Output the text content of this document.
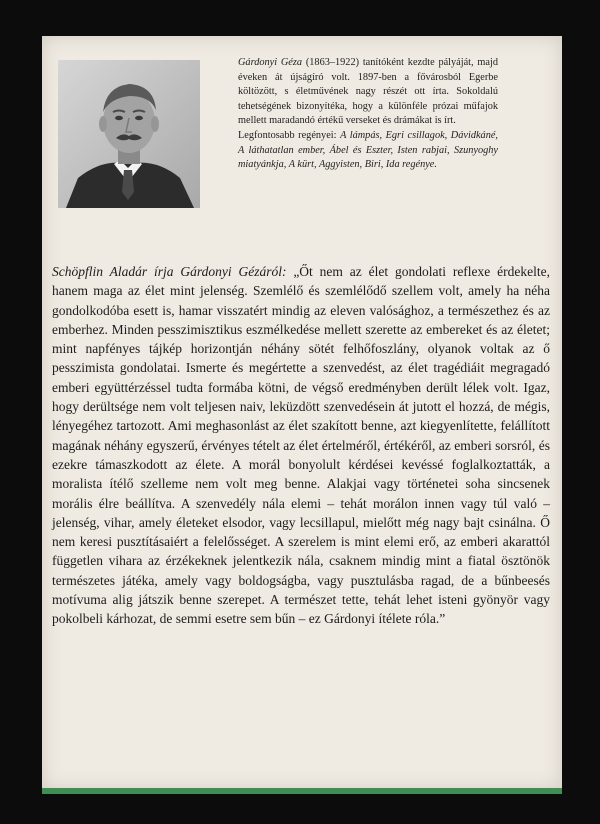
Gárdonyi Géza (1863–1922) tanítóként kezdte pályáját, majd éveken át újságíró volt. 1897-ben a fővárosból Egerbe költözött, s életművének nagy részét ott írta. Sokoldalú tehetségének bizonyítéka, hogy a különféle prózai műfajok mellett maradandó értékű verseket és drámákat is írt.

Legfontosabb regényei: A lámpás, Egri csillagok, Dávidkáné, A láthatatlan ember, Ábel és Eszter, Isten rabjai, Szunyoghy miatyánkja, A kürt, Aggyisten, Biri, Ida regénye.

Schöpflin Aladár írja Gárdonyi Gézáról: „Őt nem az élet gondolati reflexe érdekelte, hanem maga az élet mint jelenség. Szemlélő és szemlélődő szellem volt, amely ha néha gondolkodóba esett is, hamar visszatért mindig az eleven valósághoz, a természethez és az emberhez. Minden pesszimisztikus eszmélkedése mellett szerette az embereket és az életet; mint napfényes tájkép horizontján néhány sötét felhőfoszlány, olyanok voltak az ő pesszimista gondolatai. Ismerte és megértette a szenvedést, az élet tragédiáit megragadó emberi együttérzéssel tudta formába kötni, de végső eredményben derült lélek volt. Igaz, hogy derültsége nem volt teljesen naiv, leküzdött szenvedésein át jutott el hozzá, de mégis, lényegéhez tartozott. Ami meghasonlást az élet szakított benne, azt kiegyenlítette, felállított magának néhány egyszerű, érvényes tételt az élet értelméről, értékéről, az emberi sorsról, és ezekre támaszkodott az élete. A morál bonyolult kérdései kevéssé foglalkoztatták, a moralista ítélő szelleme nem volt meg benne. Alakjai vagy történetei soha sincsenek morális élre beállítva. A szenvedély nála elemi – tehát morálon innen vagy túl való – jelenség, vihar, amely életeket elsodor, vagy lecsillapul, mielőtt még nagy bajt csinálna. Ő nem keresi pusztításaiért a felelősséget. A szerelem is mint elemi erő, az emberi akarattól független vihara az érzékeknek jelentkezik nála, csaknem mindig mint a fiatal ösztönök természetes játéka, amely vagy boldogságba, vagy pusztulásba ragad, de a bűnbeesés motívuma alig játszik benne szerepet. A természet tette, tehát lehet isteni gyönyör vagy pokolbeli kárhozat, de semmi esetre sem bűn – ez Gárdonyi ítélete róla.”
